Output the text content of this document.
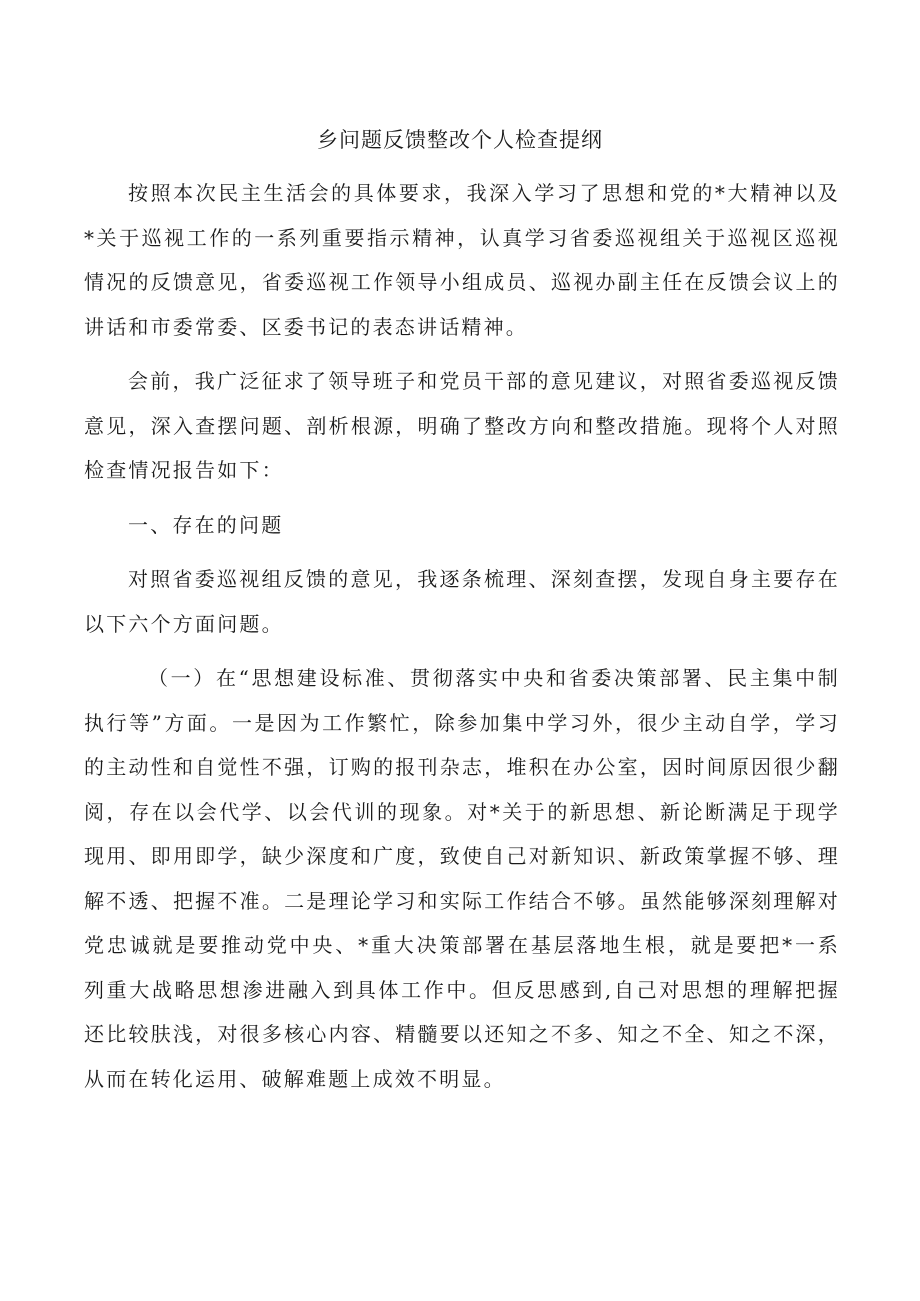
乡问题反馈整改个人检查提纲

按照本次民主生活会的具体要求，我深入学习了思想和党的*大精神以及*关于巡视工作的一系列重要指示精神，认真学习省委巡视组关于巡视区巡视情况的反馈意见，省委巡视工作领导小组成员、巡视办副主任在反馈会议上的讲话和市委常委、区委书记的表态讲话精神。

会前，我广泛征求了领导班子和党员干部的意见建议，对照省委巡视反馈意见，深入查摆问题、剖析根源，明确了整改方向和整改措施。现将个人对照检查情况报告如下：

一、存在的问题

对照省委巡视组反馈的意见，我逐条梳理、深刻查摆，发现自身主要存在以下六个方面问题。

（一）在“思想建设标准、贯彻落实中央和省委决策部署、民主集中制执行等”方面。一是因为工作繁忙，除参加集中学习外，很少主动自学，学习的主动性和自觉性不强，订购的报刊杂志，堆积在办公室，因时间原因很少翻阅，存在以会代学、以会代训的现象。对*关于的新思想、新论断满足于现学现用、即用即学，缺少深度和广度，致使自己对新知识、新政策掌握不够、理解不透、把握不准。二是理论学习和实际工作结合不够。虽然能够深刻理解对党忠诚就是要推动党中央、*重大决策部署在基层落地生根，就是要把*一系列重大战略思想渗进融入到具体工作中。但反思感到,自己对思想的理解把握还比较肤浅，对很多核心内容、精髓要以还知之不多、知之不全、知之不深，从而在转化运用、破解难题上成效不明显。
